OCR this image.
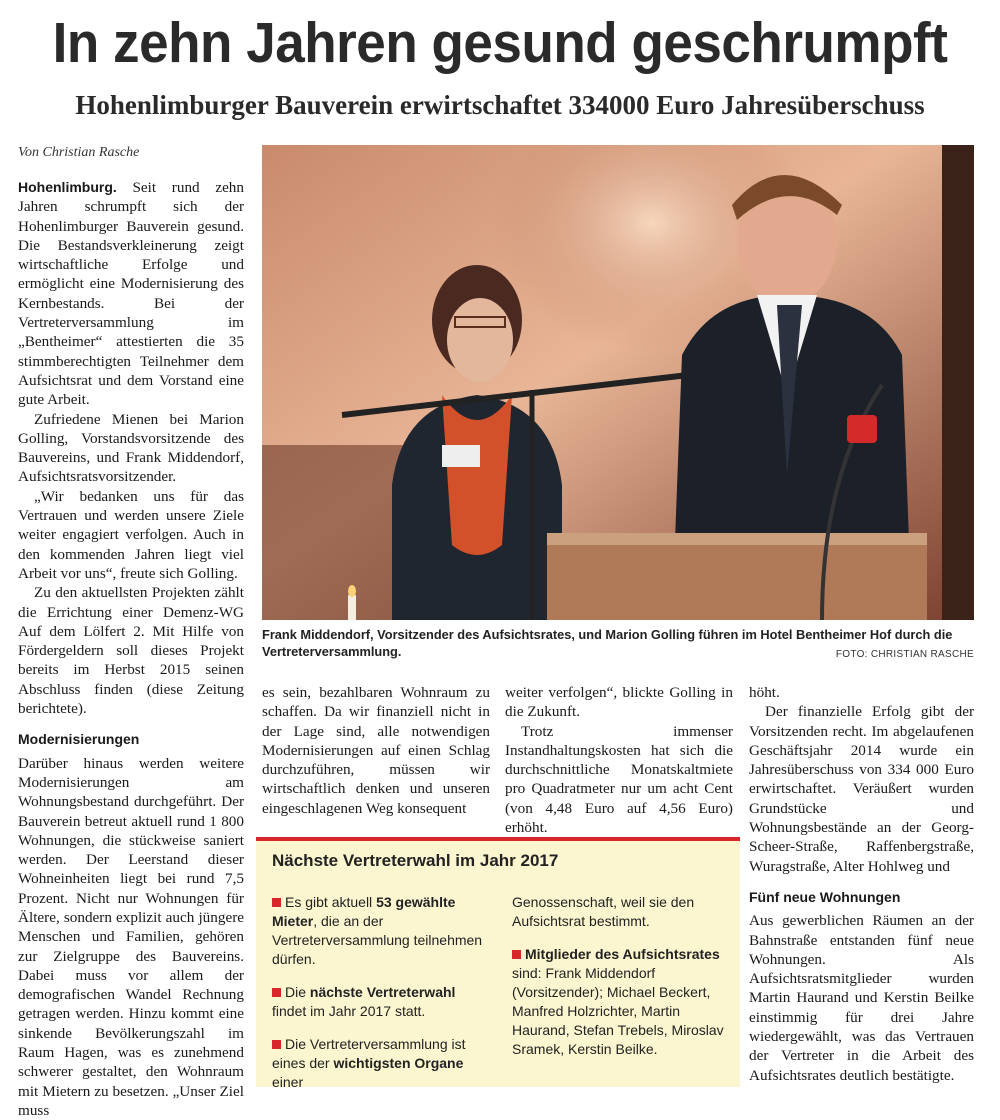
In zehn Jahren gesund geschrumpft
Hohenlimburger Bauverein erwirtschaftet 334000 Euro Jahresüberschuss
Von Christian Rasche

Hohenlimburg. Seit rund zehn Jahren schrumpft sich der Hohenlimburger Bauverein gesund. Die Bestandsverkleinerung zeigt wirtschaftliche Erfolge und ermöglicht eine Modernisierung des Kernbestands. Bei der Vertreterversammlung im „Bentheimer“ attestierten die 35 stimmberechtigten Teilnehmer dem Aufsichtsrat und dem Vorstand eine gute Arbeit.

Zufriedene Mienen bei Marion Golling, Vorstandsvorsitzende des Bauvereins, und Frank Middendorf, Aufsichtsratsvorsitzender.

„Wir bedanken uns für das Vertrauen und werden unsere Ziele weiter engagiert verfolgen. Auch in den kommenden Jahren liegt viel Arbeit vor uns“, freute sich Golling.

Zu den aktuellsten Projekten zählt die Errichtung einer Demenz-WG Auf dem Lölfert 2. Mit Hilfe von Fördergeldern soll dieses Projekt bereits im Herbst 2015 seinen Abschluss finden (diese Zeitung berichtete).

Modernisierungen

Darüber hinaus werden weitere Modernisierungen am Wohnungsbestand durchgeführt. Der Bauverein betreut aktuell rund 1 800 Wohnungen, die stückweise saniert werden. Der Leerstand dieser Wohneinheiten liegt bei rund 7,5 Prozent. Nicht nur Wohnungen für Ältere, sondern explizit auch jüngere Menschen und Familien, gehören zur Zielgruppe des Bauvereins. Dabei muss vor allem der demografischen Wandel Rechnung getragen werden. Hinzu kommt eine sinkende Bevölkerungszahl im Raum Hagen, was es zunehmend schwerer gestaltet, den Wohnraum mit Mietern zu besetzen. „Unser Ziel muss

Frank Middendorf, Vorsitzender des Aufsichtsrates, und Marion Golling führen im Hotel Bentheimer Hof durch die Vertreterversammlung.	FOTO: CHRISTIAN RASCHE

es sein, bezahlbaren Wohnraum zu schaffen. Da wir finanziell nicht in der Lage sind, alle notwendigen Modernisierungen auf einen Schlag durchzuführen, müssen wir wirtschaftlich denken und unseren eingeschlagenen Weg konsequent

weiter verfolgen“, blickte Golling in die Zukunft.

Trotz immenser Instandhaltungskosten hat sich die durchschnittliche Monatskaltmiete pro Quadratmeter nur um acht Cent (von 4,48 Euro auf 4,56 Euro) erhöht.

höht.

Der finanzielle Erfolg gibt der Vorsitzenden recht. Im abgelaufenen Geschäftsjahr 2014 wurde ein Jahresüberschuss von 334 000 Euro erwirtschaftet. Veräußert wurden Grundstücke und Wohnungsbestände an der Georg-Scheer-Straße, Raffenbergstraße, Wuragstraße, Alter Hohlweg und

Fünf neue Wohnungen

Aus gewerblichen Räumen an der Bahnstraße entstanden fünf neue Wohnungen. Als Aufsichtsratsmitglieder wurden Martin Haurand und Kerstin Beilke einstimmig für drei Jahre wiedergewählt, was das Vertrauen der Vertreter in die Arbeit des Aufsichtsrates deutlich bestätigte.

Nächste Vertreterwahl im Jahr 2017

Es gibt aktuell 53 gewählte Mieter, die an der Vertreterversammlung teilnehmen dürfen.

Die nächste Vertreterwahl findet im Jahr 2017 statt.

Die Vertreterversammlung ist eines der wichtigsten Organe einer

Genossenschaft, weil sie den Aufsichtsrat bestimmt.

Mitglieder des Aufsichtsrates sind: Frank Middendorf (Vorsitzender); Michael Beckert, Manfred Holzrichter, Martin Haurand, Stefan Trebels, Miroslav Sramek, Kerstin Beilke.
